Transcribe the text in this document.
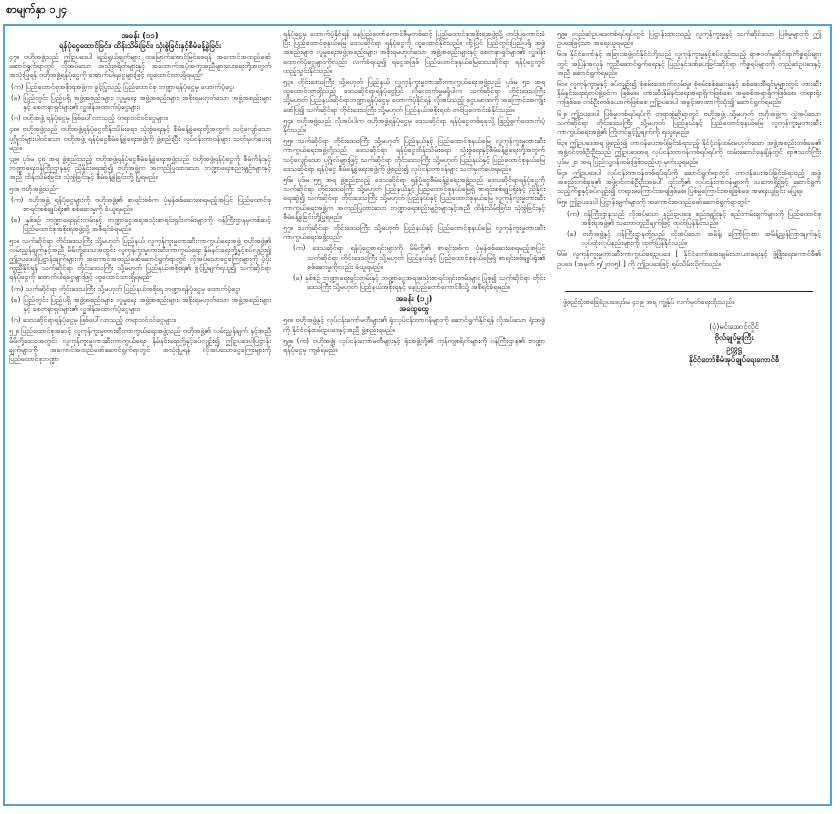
စာမျက်နှာ ၁၂၄
အခန်း (၁၁)
ရန်ပုံငွေထောင်ခြင်း၊ ထိန်းသိမ်းခြင်း၊ သုံးစွဲခြင်းနှင့်စီမံခန့်ခွဲခြင်း

၄၇။ ဗဟိုအဖွဲ့သည် ဤဥပဒေပါ ရည်ရွယ်ချက်များ ထမြောက်အောင်မြင်စေရန် အကောင်အထည်ဖော်ဆောင်ရွက်ရာတွင် လိုအပ်သော အသုံးစရိတ်များနှင့် အထောက်အပံ့အကူအညီများပေးရေးတို့အတွက် အသုံးပြုရန် ဗဟိုအဖွဲ့ရန်ပုံငွေကို အောက်ပါရငွေများဖြင့် ထူထောင်ထားရှိရမည်-

(က) ပြည်ထောင်စုအစိုးရအဖွဲ့က ခွင့်ပြုသည့် ပြည်ထောင်စု ဘဏ္ဍာရန်ပုံငွေမှ ထောက်ပံ့ငွေ၊

(ခ) ပြည်တွင်း ပြည်ပရှိ အဖွဲ့အစည်းများ၊ လူမှုရေး အဖွဲ့အစည်းများ၊ အစိုးရမဟုတ်သော အဖွဲ့အစည်းများနှင့် စေတနာရှင်များ၏ လှူဒါန်းထောက်ပံ့ငွေများ၊

(ဂ) ဗဟိုအဖွဲ့ ရန်ပုံငွေမှ ဖြစ်ပေါ်လာသည့် တရားဝင်ဝင်ငွေများ။

၄၈။ ဗဟိုအဖွဲ့သည် ဗဟိုအဖွဲ့ရန်ပုံငွေထိန်းသိမ်းရေး၊ သုံးစွဲရေးနှင့် စီမံခန့်ခွဲရေးတို့အတွက် သင့်လျော်သော ပုဂ္ဂိုလ်များပါဝင်သော ဗဟိုအဖွဲ့ ရန်ပုံငွေစီမံခန့်ခွဲရေးအဖွဲ့ကို ဖွဲ့စည်းပြီး လုပ်ငန်းတာဝန်များ သတ်မှတ်ပေးရမည်။

၄၉။ ပုဒ်မ ၄၈ အရ ဖွဲ့စည်းသည့် ဗဟိုအဖွဲ့ရန်ပုံငွေစီမံခန့်ခွဲရေးအဖွဲ့သည် ဗဟိုအဖွဲ့ရန်ပုံငွေကို စီမံကိန်းနှင့် ဘဏ္ဍာရေးဝန်ကြီးဌာနနှင့် ညှိနှိုင်းရေးဆွဲ၍ ဗဟိုအဖွဲ့က အတည်ပြုထားသော ဘဏ္ဍာရေးစည်းမျဉ်းများနှင့်အညီ ထိန်းသိမ်းခြင်း၊ သုံးစွဲခြင်းနှင့် စီမံခန့်ခွဲခြင်းတို့ ပြုရမည်။

၅၀။ ဗဟိုအဖွဲ့သည်-

(က) ဗဟိုအဖွဲ့ ရန်ပုံငွေများကို ဗဟိုအဖွဲ့၏ စာရင်းစစ်က ပုံမှန်စစ်ဆေးစေရမည့်အပြင် ပြည်ထောင်စုစာရင်းစစ်ချုပ်ရုံး၏ စစ်ဆေးမှုကို ခံယူရမည်။

(ခ) နှစ်စဉ် ဘဏ္ဍာရေးရှင်းတမ်းနှင့် ဘဏ္ဍာငွေအရအသုံးစာရင်းရှင်းတမ်းများကို ဝန်ကြီးဌာနမှတစ်ဆင့် ပြည်ထောင်စုအစိုးရအဖွဲ့သို့ အစီရင်ခံရမည်။

၅၁။ သက်ဆိုင်ရာ တိုင်းဒေသကြီး သို့မဟုတ် ပြည်နယ် လူကုန်ကူးမှုတားဆီးကာကွယ်ရေးအဖွဲ့ ဗဟိုအဖွဲ့၏ လမ်းညွှန်ချက်နှင့်အညီ မိမိတို့ဒေသအတွင်း လူကုန်ကူးမှုတားဆီးကာကွယ်ရေး နှိမ်နင်းရေးတို့နှင့်စပ်လျဉ်း၍ ဤဥပဒေပါပြဋ္ဌာန်းချက်များကို အကောင်အထည်ဖော်ဆောင်ရွက်ရာတွင် လိုအပ်သောငွေကြေးများကို ပံ့ပိုးကူညီနိုင်ရန် သက်ဆိုင်ရာ တိုင်းဒေသကြီး သို့မဟုတ် ပြည်နယ်အစိုးရ၏ ခွင့်ပြုချက်ရယူ၍ သက်ဆိုင်ရာရန်ပုံငွေကို အောက်ပါရငွေများဖြင့် ထူထောင်ထားရှိရမည်-

(က) သက်ဆိုင်ရာ တိုင်းဒေသကြီး သို့မဟုတ် ပြည်နယ်အစိုးရ ဘဏ္ဍာရန်ပုံငွေမှ ထောက်ပံ့ငွေ၊

(ခ) ပြည်တွင်း ပြည်ပရှိ အဖွဲ့အစည်းများ၊ လူမှုရေး အဖွဲ့အစည်းများ၊ အစိုးရမဟုတ်သော အဖွဲ့အစည်းများနှင့် စေတနာရှင်များ၏ လှူဒါန်းထောက်ပံ့ငွေများ၊

(ဂ) ဒေသဆိုင်ရာရန်ပုံငွေမှ ဖြစ်ပေါ်လာသည့် တရားဝင်ဝင်ငွေများ။

၅၂။ ပြည်ထောင်စုအဆင့် လူကုန်ကူးမှုတားဆီးကာကွယ်ရေးအဖွဲ့သည် ဗဟိုအဖွဲ့၏ လမ်းညွှန်ချက် နှင့်အညီ မိမိတို့ဒေသအတွင်း လူကုန်ကူးမှုတားဆီးကာကွယ်ရေး၊ နှိမ်နင်းရေးတို့နှင့်စပ်လျဉ်း၍ ဤဥပဒေပါပြဋ္ဌာန်းချက်များကို အကောင်အထည်ဖော်ဆောင်ရွက်ရာတွင် အသုံးပြုရန် လိုအပ်သောငွေကြေးများကို ပြည်ထောင်စုဘဏ္ဍာ

ရန်ပုံငွေမှ ထောက်ပံ့နိုင်ရန် နေပြည်တော်ကောင်စီမှတစ်ဆင့် ပြည်ထောင်စုအစိုးရအဖွဲ့သို့ တင်ပြတောင်းခံပြီး ပြည်ထောင်စုနယ်မြေ ဒေသဆိုင်ရာ ရန်ပုံငွေကို ထူထောင်နိုင်သည်။ ထို့ပြင် ပြည်တွင်းပြည်ပရှိ အဖွဲ့အစည်းများ၊ လူမှုရေးအဖွဲ့အစည်းများ၊ အစိုးရမဟုတ်သော အဖွဲ့အစည်းများနှင့် စေတနာရှင်များ၏ လှူဒါန်းထောက်ပံ့ငွေများကိုလည်း လက်ခံရယူ၍ ရငွေအဖြစ် ပြည်ထောင်စုနယ်မြေဒေသဆိုင်ရာ ရန်ပုံငွေတွင် ထည့်သွင်းနိုင်သည်။

၅၃။ တိုင်းဒေသကြီး သို့မဟုတ် ပြည်နယ် လူကုန်ကူးမှုတားဆီးကာကွယ်ရေးအဖွဲ့သည် ပုဒ်မ ၅၁ အရ ထူထောင်ထားရှိသည့် ဒေသဆိုင်ရာရန်ပုံငွေပြင် လိုလောက်မှုမရှိပါက သက်ဆိုင်ရာ တိုင်းဒေသကြီး သို့မဟုတ် ပြည်နယ်ဆိုင်ရာဘဏ္ဍာရန်ပုံငွေမှ ထောက်ပံ့နိုင်ရန် လိုအပ်သည့် ငွေပမာဏကို အကြောင်းအကျိုး ဖော်ပြ၍ သက်ဆိုင်ရာ တိုင်းဒေသကြီး သို့မဟုတ် ပြည်နယ်အစိုးရထံ တင်ပြတောင်းခံနိုင်သည်။

၅၄။ ဗဟိုအဖွဲ့သည် လိုအပ်ပါက ဗဟိုအဖွဲ့ရန်ပုံငွေမှ ဒေသဆိုင်ရာ ရန်ပုံငွေတစ်ခုခုသို့ ဖြည့်စွက်ထောက်ပံ့နိုင်သည်။

၅၅။ သက်ဆိုင်ရာ တိုင်းဒေသကြီး သို့မဟုတ် ပြည်နယ်နှင့် ပြည်ထောင်စုနယ်မြေ လူကုန်ကူးမှုတားဆီးကာကွယ်ရေးအဖွဲ့တို့သည် ဒေသဆိုင်ရာ ရန်ပုံငွေထိန်းသိမ်းရေး၊ သုံးစွဲရေးနှင့်စီမံခန့်ခွဲရေးတို့အတွက် သင့်လျော်သော ပုဂ္ဂိုလ်များဖြင့် သက်ဆိုင်ရာ တိုင်းဒေသကြီး သို့မဟုတ် ပြည်နယ်နှင့် ပြည်ထောင်စုနယ်မြေ ဒေသဆိုင်ရာ ရန်ပုံငွေ စီမံခန့်ခွဲရေးအဖွဲ့ကို ဖွဲ့စည်း၍ လုပ်ငန်းတာဝန်များ သတ်မှတ်ပေးရမည်။

၅၆။ ပုဒ်မ ၅၅ အရ ဖွဲ့စည်းသည့် ဒေသဆိုင်ရာ ရန်ပုံငွေစီမံခန့်ခွဲရေးအဖွဲ့သည် ဒေသဆိုင်ရာရန်ပုံငွေကို သက်ဆိုင်ရာ တိုင်းဒေသကြီး သို့မဟုတ် ပြည်နယ်နှင့် ပြည်ထောင်စုနယ်မြေရှိ စာရင်းစစ်ချုပ်ရုံးနှင့် ညှိနှိုင်းရေးဆွဲ၍ သက်ဆိုင်ရာ တိုင်းဒေသကြီး သို့မဟုတ် ပြည်နယ်နှင့် ပြည်ထောင်စုနယ်မြေ လူကုန်ကူးမှုတားဆီးကာကွယ်ရေးအဖွဲ့က အတည်ပြုထားသော ဘဏ္ဍာရေးစည်းမျဉ်းများနှင့်အညီ ထိန်းသိမ်းခြင်း၊ သုံးစွဲခြင်းနှင့် စီမံခန့်ခွဲခြင်းတို့ပြုရမည်။

၅၇။ သက်ဆိုင်ရာ တိုင်းဒေသကြီး သို့မဟုတ် ပြည်နယ်နှင့် ပြည်ထောင်စုနယ်မြေ လူကုန်ကူးမှုတားဆီးကာကွယ်ရေးအဖွဲ့သည်-

(က) ဒေသဆိုင်ရာ ရန်ပုံငွေစာရင်းများကို မိမိတို့၏ စာရင်းစစ်က ပုံမှန်စစ်ဆေးစေရမည့်အပြင် သက်ဆိုင်ရာ တိုင်းဒေသကြီး သို့မဟုတ် ပြည်နယ်နှင့် ပြည်ထောင်စုနယ်မြေရှိ စာရင်းစစ်ချုပ်ရုံး၏ စစ်ဆေးမှုကိုလည်း ခံယူရမည်။

(ခ) နှစ်စဉ် ဘဏ္ဍာရေးရှင်းတမ်းနှင့် ဘဏ္ဍာငွေအရအသုံးစာရင်းရှင်းတမ်းများ ပြုစု၍ သက်ဆိုင်ရာ တိုင်းဒေသကြီး သို့မဟုတ် ပြည်နယ်အစိုးရနှင့် နေပြည်တော်ကောင်စီသို့ အစီရင်ခံရမည်။

အခန်း (၁၂)
အထွေထွေ

၅၈။ ဗဟိုအဖွဲ့နှင့် လုပ်ငန်းကော်မတီများ၏ ရုံးလုပ်ငန်းတာဝန်များကို ဆောင်ရွက်နိုင်ရန် လိုအပ်သော ရုံးအဖွဲ့ကို နိုင်ငံဝန်ထမ်းဥပဒေနှင့်အညီ ဖွဲ့စည်းရမည်။

၅၉။ (က) ဗဟိုအဖွဲ့၊ လုပ်ငန်းကော်မတီများနှင့် ရုံးအဖွဲ့တို့၏ ကုန်ကျစရိတ်များကို ဝန်ကြီးဌာန၏ ဘဏ္ဍာရန်ပုံငွေမှ ကျခံရမည်။

၅၉။ တည်ဆဲဥပဒေတစ်ရပ်ရပ်တွင် ပြဋ္ဌာန်းထားသည့် လူကုန်ကူးမှုနှင့် သက်ဆိုင်သော ပြစ်မှုများကို ဤဥပဒေဖြင့်သာ အရေးယူရမည်။

၆၀။ နိုင်ငံတော်နှင့် အခြားအဖွဲ့ဝင်နိုင်ငံတို့သည် လူကုန်ကူးမှုနှင့်စပ်လျဉ်းသည့် ရာဇဝတ်မှုဆိုင်ရာကိစ္စရပ်များတွင် အပြန်အလှန် ကူညီဆောင်ရွက်ရေးနှင့် ပြည်နှင်ဒဏ်ပေးခြင်းဆိုင်ရာ ကိစ္စရပ်များကို တည်ဆဲဥပဒေနှင့်အညီ ဆောင်ရွက်ရမည်။

၆၁။ လူကုန်ကူးမှုနှင့် စပ်လျဉ်း၍ စုံစမ်းထောက်လှမ်းမှု၊ စုံစမ်းစစ်ဆေးမှုနှင့် စစ်ဆေးစီရင်မှုများတွင် တားဆီးနှိမ်နင်းရေးရဲတပ်ဖွဲ့ဝင်က ဖြစ်စေ၊ တားဆီးနှိမ်နင်းရေးအရာရှိကဖြစ်စေ၊ အမှုစစ်အရာရှိကဖြစ်စေ၊ တရားရုံးကဖြစ်စေ တစ်ဦးတစ်ယောက်ဖြစ်စေ ဤဥပဒေပါ အခွင့်အာဏာကိုသုံး၍ ဆောင်ရွက်ရမည်။

၆၂။ ဤဥပဒေပါ ပြစ်မှုတစ်ရပ်ရပ်ကို တရားစွဲဆိုရာတွင် ဗဟိုအဖွဲ့ သို့မဟုတ် ဗဟိုအဖွဲ့က လွှဲအပ်သော သက်ဆိုင်ရာ တိုင်းဒေသကြီး သို့မဟုတ် ပြည်နယ်နှင့် ပြည်ထောင်စုနယ်မြေ လူကုန်ကူးမှုတားဆီးကာကွယ်ရေးအဖွဲ့၏ ကြိုတင်ခွင့်ပြုချက်ကို ရယူရမည်။

၆၃။ ဤဥပဒေအရ ဖွဲ့စည်း၍ တာဝန်ပေးအပ်ခြင်းခံရသည့် နိုင်ငံ့ဝန်ထမ်းမဟုတ်သော အဖွဲ့အစည်းတစ်ခုခု၏ အဖွဲ့ဝင်တစ်ဦးဦးသည် ဤဥပဒေအရ လုပ်ငန်းတာဝန်တစ်ရပ်ရပ်ကို ထမ်းဆောင်နေချိန်တွင် ရာဇသတ်ကြီးပုဒ်မ ၂၁ အရ ပြည်သူ့ဝန်ထမ်းဖြစ်သည်ဟု မှတ်ယူရမည်။

၆၄။ ဤဥပဒေပါ လုပ်ငန်းတာဝန်တစ်ရပ်ရပ်ကို ဆောင်ရွက်ရာတွင် တာဝန်ပေးအပ်ခြင်းခံရသည့် အဖွဲ့အစည်းတစ်ခုခု၏ အဖွဲ့ဝင်တစ်ဦးဦးအပေါ် ၎င်းတို့၏ လုပ်ငန်းတာဝန်များကို သဘောရိုးဖြင့် ဆောင်ရွက်သည့်ကိစ္စနှင့်စပ်လျဉ်း၍ တရားမကြောင်းအရဖြစ်စေ၊ ပြစ်မှုကြောင်းအရဖြစ်စေ အရေးယူခြင်း မပြုရ။

၆၅။ ဤဥပဒေပါ ပြဋ္ဌာန်းချက်များကို အကောင်အထည်ဖော်ဆောင်ရွက်ရာတွင်-

(က) ဝန်ကြီးဌာနသည် လိုအပ်သော နည်းဥပဒေ၊ စည်းမျဉ်းနှင့် စည်းကမ်းချက်များကို ပြည်ထောင်စုအစိုးရအဖွဲ့၏ သဘောတူညီချက်ဖြင့် ထုတ်ပြန်နိုင်သည်။

(ခ) ဗဟိုအဖွဲ့နှင့် ဝန်ကြီးဌာနတို့သည် လိုအပ်သော အမိန့်၊ ကြော်ငြာစာ၊ အမိန့်ညွှန်ကြားချက်နှင့် လုပ်ထုံးလုပ်နည်းများကို ထုတ်ပြန်နိုင်သည်။

၆၆။ လူကုန်ကူးမှုတားဆီးကာကွယ်ရေးဥပဒေ [ နိုင်ငံတော်အေးချမ်းသာယာရေးနှင့် ဖွံ့ဖြိုးရေးကောင်စီ၏ ဥပဒေ (အမှတ် ၅/၂၀၀၅) ] ကို ဤဥပဒေဖြင့် ရုပ်သိမ်းလိုက်သည်။

ဖွဲ့စည်းပုံအခြေခံဥပဒေပုဒ်မ ၄၁၉ အရ ကျွန်ုပ် လက်မှတ်ရေးထိုးသည်။
(ပုံ)မင်းအောင်လှိုင်
ဗိုလ်ချုပ်မှူးကြီး
ဥက္ကဋ္ဌ
နိုင်ငံတော်စီမံအုပ်ချုပ်ရေးကောင်စီ
